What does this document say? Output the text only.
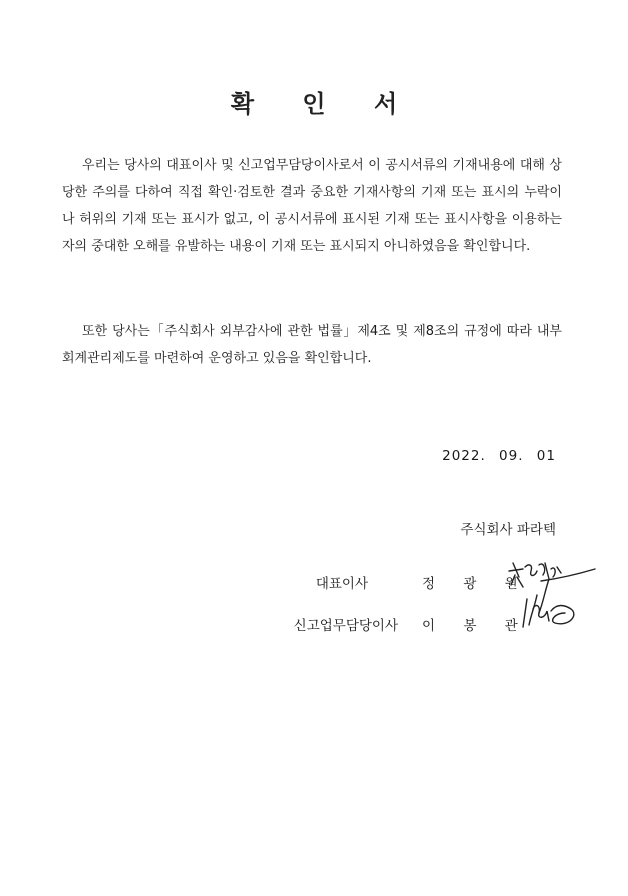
확 인 서

우리는 당사의 대표이사 및 신고업무담당이사로서 이 공시서류의 기재내용에 대해 상당한 주의를 다하여 직접 확인·검토한 결과 중요한 기재사항의 기재 또는 표시의 누락이나 허위의 기재 또는 표시가 없고, 이 공시서류에 표시된 기재 또는 표시사항을 이용하는 자의 중대한 오해를 유발하는 내용이 기재 또는 표시되지 아니하였음을 확인합니다.

또한 당사는「주식회사 외부감사에 관한 법률」제4조 및 제8조의 규정에 따라 내부회계관리제도를 마련하여 운영하고 있음을 확인합니다.

2022. 09. 01
주식회사 파라텍
대표이사	정 광 원
신고업무담당이사 이 봉 관
